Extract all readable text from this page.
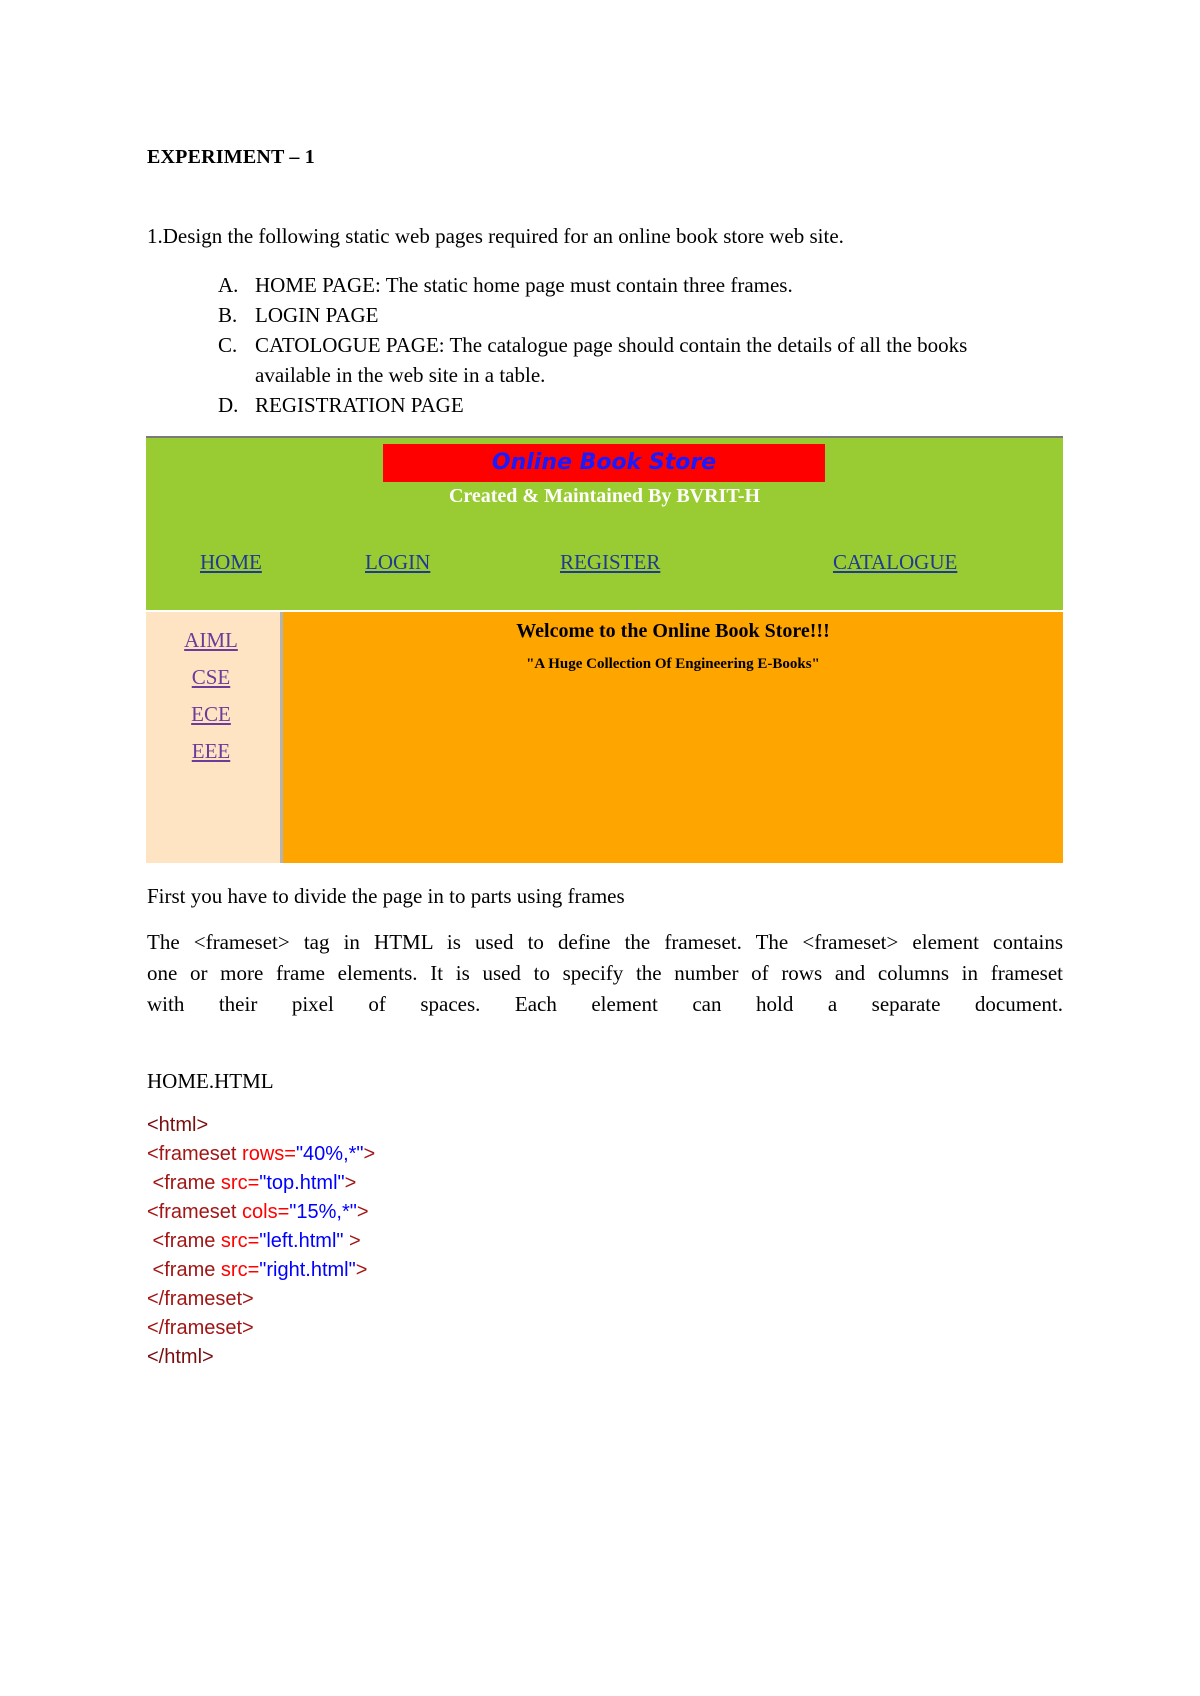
EXPERIMENT – 1
1.Design the following static web pages required for an online book store web site.
A. HOME PAGE: The static home page must contain three frames.
B. LOGIN PAGE
C. CATOLOGUE PAGE: The catalogue page should contain the details of all the books available in the web site in a table.
D. REGISTRATION PAGE
Online Book Store
Created & Maintained By BVRIT-H
HOME	LOGIN	REGISTER	CATALOGUE
AIML
CSE
ECE
EEE
Welcome to the Online Book Store!!!
"A Huge Collection Of Engineering E-Books"
First you have to divide the page in to parts using frames
The <frameset> tag in HTML is used to define the frameset. The <frameset> element contains
one or more frame elements. It is used to specify the number of rows and columns in frameset
with their pixel of spaces. Each element can hold a separate document.
HOME.HTML
<html>
<frameset rows="40%,*">
<frame src="top.html">
<frameset cols="15%,*">
<frame src="left.html" >
<frame src="right.html">
</frameset>
</frameset>
</html>
